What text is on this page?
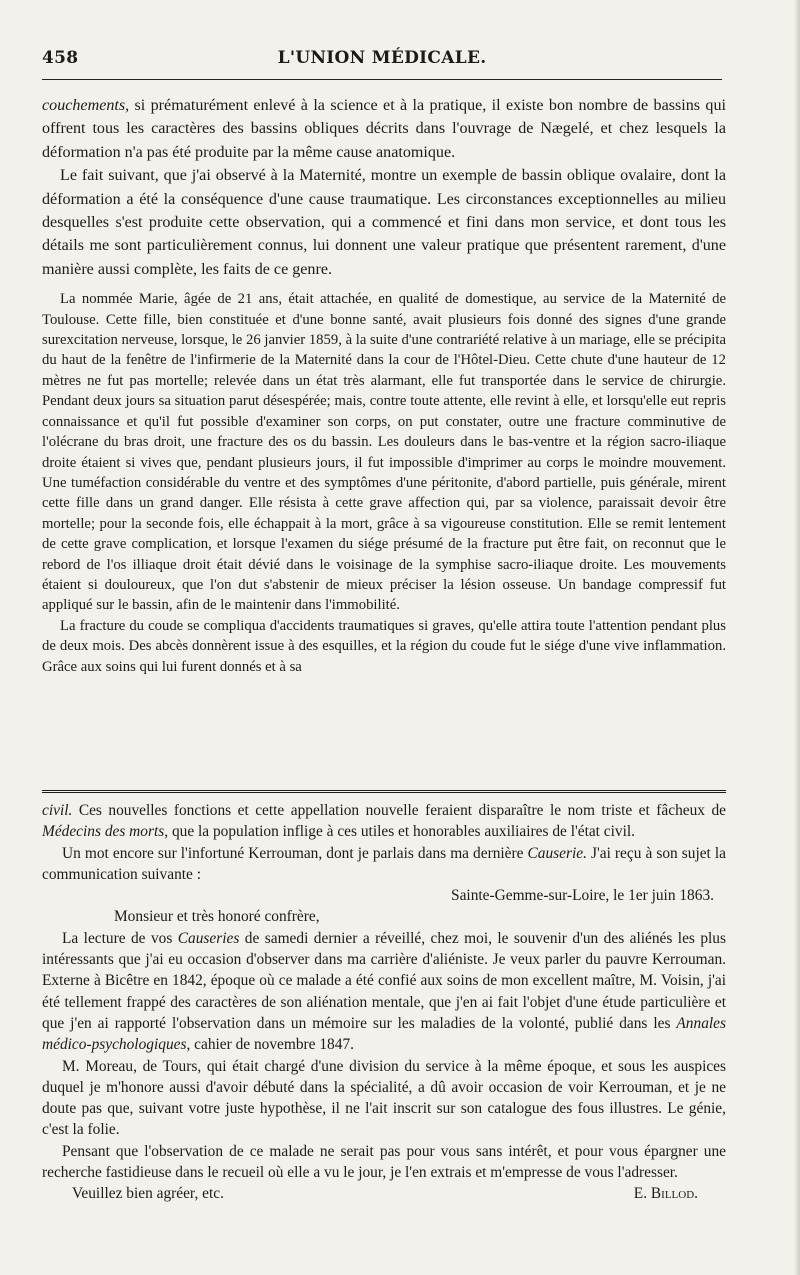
458	L'UNION MÉDICALE.

couchements, si prématurément enlevé à la science et à la pratique, il existe bon nombre de bassins qui offrent tous les caractères des bassins obliques décrits dans l'ouvrage de Nægelé, et chez lesquels la déformation n'a pas été produite par la même cause anatomique.

Le fait suivant, que j'ai observé à la Maternité, montre un exemple de bassin oblique ovalaire, dont la déformation a été la conséquence d'une cause traumatique. Les circonstances exceptionnelles au milieu desquelles s'est produite cette observation, qui a commencé et fini dans mon service, et dont tous les détails me sont particulièrement connus, lui donnent une valeur pratique que présentent rarement, d'une manière aussi complète, les faits de ce genre.

La nommée Marie, âgée de 21 ans, était attachée, en qualité de domestique, au service de la Maternité de Toulouse. Cette fille, bien constituée et d'une bonne santé, avait plusieurs fois donné des signes d'une grande surexcitation nerveuse, lorsque, le 26 janvier 1859, à la suite d'une contrariété relative à un mariage, elle se précipita du haut de la fenêtre de l'infirmerie de la Maternité dans la cour de l'Hôtel-Dieu. Cette chute d'une hauteur de 12 mètres ne fut pas mortelle; relevée dans un état très alarmant, elle fut transportée dans le service de chirurgie. Pendant deux jours sa situation parut désespérée; mais, contre toute attente, elle revint à elle, et lorsqu'elle eut repris connaissance et qu'il fut possible d'examiner son corps, on put constater, outre une fracture comminutive de l'olécrane du bras droit, une fracture des os du bassin. Les douleurs dans le bas-ventre et la région sacro-iliaque droite étaient si vives que, pendant plusieurs jours, il fut impossible d'imprimer au corps le moindre mouvement. Une tuméfaction considérable du ventre et des symptômes d'une péritonite, d'abord partielle, puis générale, mirent cette fille dans un grand danger. Elle résista à cette grave affection qui, par sa violence, paraissait devoir être mortelle; pour la seconde fois, elle échappait à la mort, grâce à sa vigoureuse constitution. Elle se remit lentement de cette grave complication, et lorsque l'examen du siége présumé de la fracture put être fait, on reconnut que le rebord de l'os illiaque droit était dévié dans le voisinage de la symphise sacro-iliaque droite. Les mouvements étaient si douloureux, que l'on dut s'abstenir de mieux préciser la lésion osseuse. Un bandage compressif fut appliqué sur le bassin, afin de le maintenir dans l'immobilité.

La fracture du coude se compliqua d'accidents traumatiques si graves, qu'elle attira toute l'attention pendant plus de deux mois. Des abcès donnèrent issue à des esquilles, et la région du coude fut le siége d'une vive inflammation. Grâce aux soins qui lui furent donnés et à sa

civil. Ces nouvelles fonctions et cette appellation nouvelle feraient disparaître le nom triste et fâcheux de Médecins des morts, que la population inflige à ces utiles et honorables auxiliaires de l'état civil.

Un mot encore sur l'infortuné Kerrouman, dont je parlais dans ma dernière Causerie. J'ai reçu à son sujet la communication suivante :

Sainte-Gemme-sur-Loire, le 1er juin 1863.

Monsieur et très honoré confrère,

La lecture de vos Causeries de samedi dernier a réveillé, chez moi, le souvenir d'un des aliénés les plus intéressants que j'ai eu occasion d'observer dans ma carrière d'aliéniste. Je veux parler du pauvre Kerrouman. Externe à Bicêtre en 1842, époque où ce malade a été confié aux soins de mon excellent maître, M. Voisin, j'ai été tellement frappé des caractères de son aliénation mentale, que j'en ai fait l'objet d'une étude particulière et que j'en ai rapporté l'observation dans un mémoire sur les maladies de la volonté, publié dans les Annales médico-psychologiques, cahier de novembre 1847.

M. Moreau, de Tours, qui était chargé d'une division du service à la même époque, et sous les auspices duquel je m'honore aussi d'avoir débuté dans la spécialité, a dû avoir occasion de voir Kerrouman, et je ne doute pas que, suivant votre juste hypothèse, il ne l'ait inscrit sur son catalogue des fous illustres. Le génie, c'est la folie.

Pensant que l'observation de ce malade ne serait pas pour vous sans intérêt, et pour vous épargner une recherche fastidieuse dans le recueil où elle a vu le jour, je l'en extrais et m'empresse de vous l'adresser.

Veuillez bien agréer, etc.	E. Billod.
